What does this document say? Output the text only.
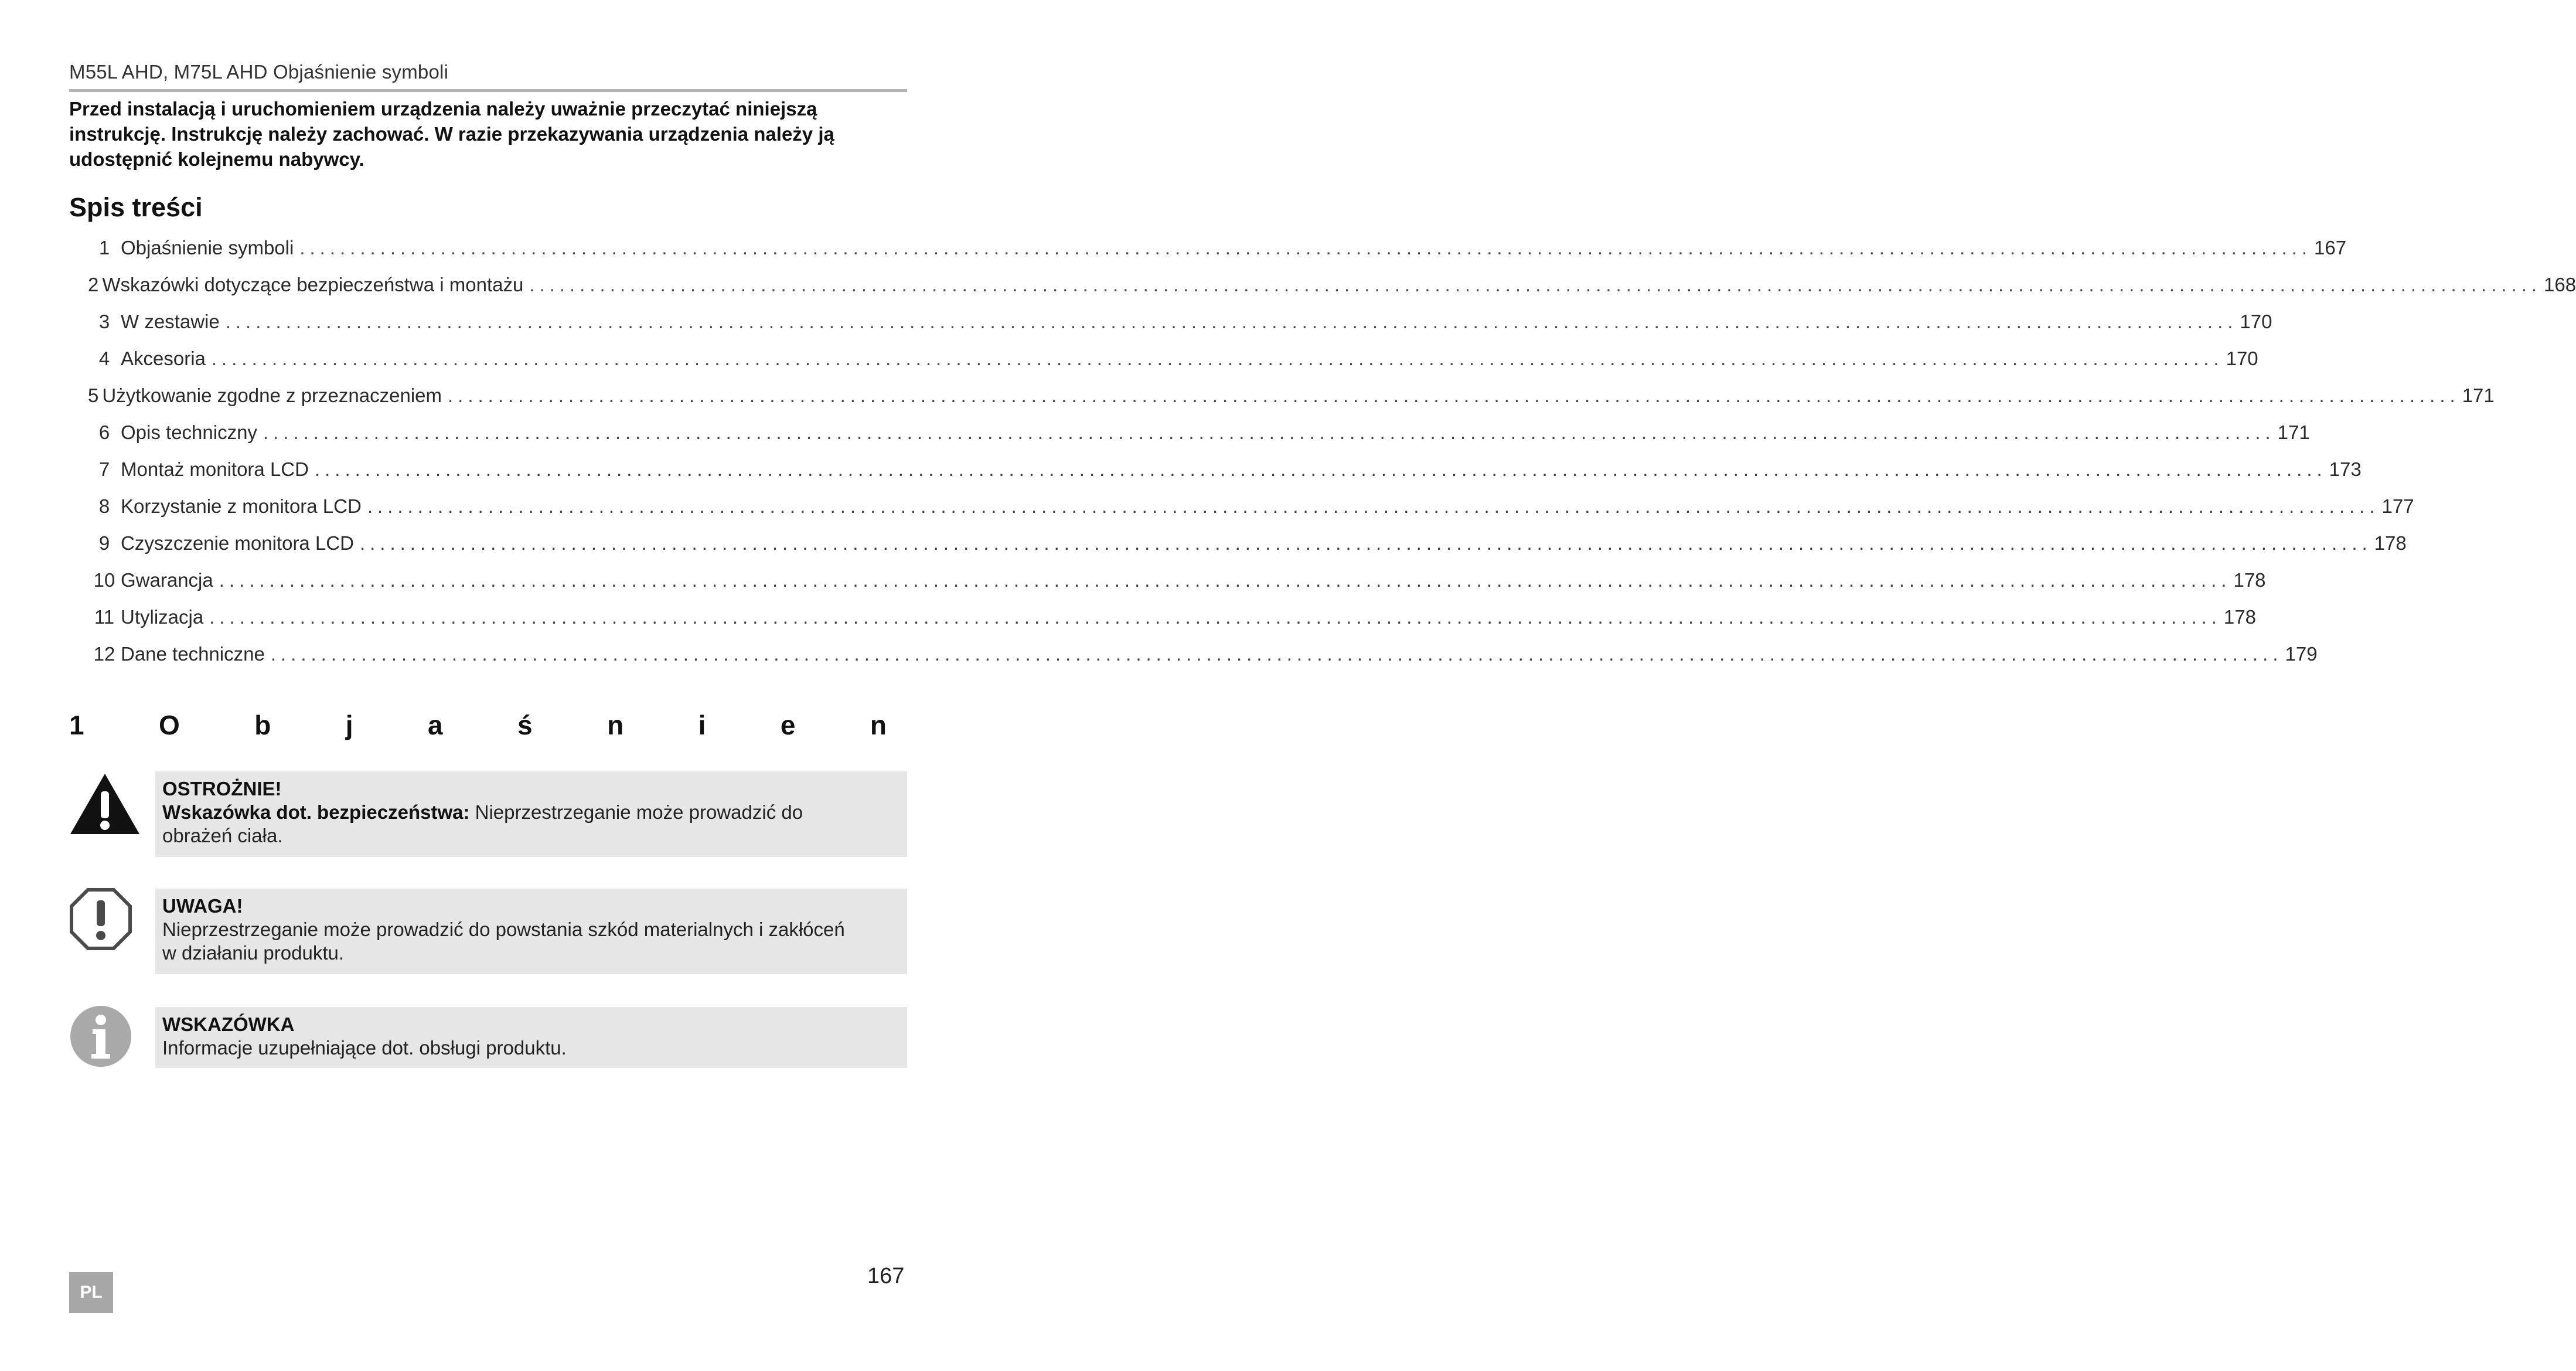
M55L AHD, M75L AHD Objaśnienie symboli
Przed instalacją i uruchomieniem urządzenia należy uważnie przeczytać niniejszą instrukcję. Instrukcję należy zachować. W razie przekazywania urządzenia należy ją udostępnić kolejnemu nabywcy.
Spis treści
1 Objaśnienie symboli ........................................................................................................................................................................................................ 167
2 Wskazówki dotyczące bezpieczeństwa i montażu ........................................................................................................................................................................................................ 168
3 W zestawie ........................................................................................................................................................................................................ 170
4 Akcesoria ........................................................................................................................................................................................................ 170
5 Użytkowanie zgodne z przeznaczeniem ........................................................................................................................................................................................................ 171
6 Opis techniczny ........................................................................................................................................................................................................ 171
7 Montaż monitora LCD ........................................................................................................................................................................................................ 173
8 Korzystanie z monitora LCD ........................................................................................................................................................................................................ 177
9 Czyszczenie monitora LCD ........................................................................................................................................................................................................ 178
10 Gwarancja ........................................................................................................................................................................................................ 178
11 Utylizacja ........................................................................................................................................................................................................ 178
12 Dane techniczne ........................................................................................................................................................................................................ 179
1	O	b	j	a	ś	n	i	e	n
OSTROŻNIE!
Wskazówka dot. bezpieczeństwa: Nieprzestrzeganie może prowadzić do
obrażeń ciała.
UWAGA!
Nieprzestrzeganie może prowadzić do powstania szkód materialnych i zakłóceń
w działaniu produktu.
WSKAZÓWKA
Informacje uzupełniające dot. obsługi produktu.
167
PL
